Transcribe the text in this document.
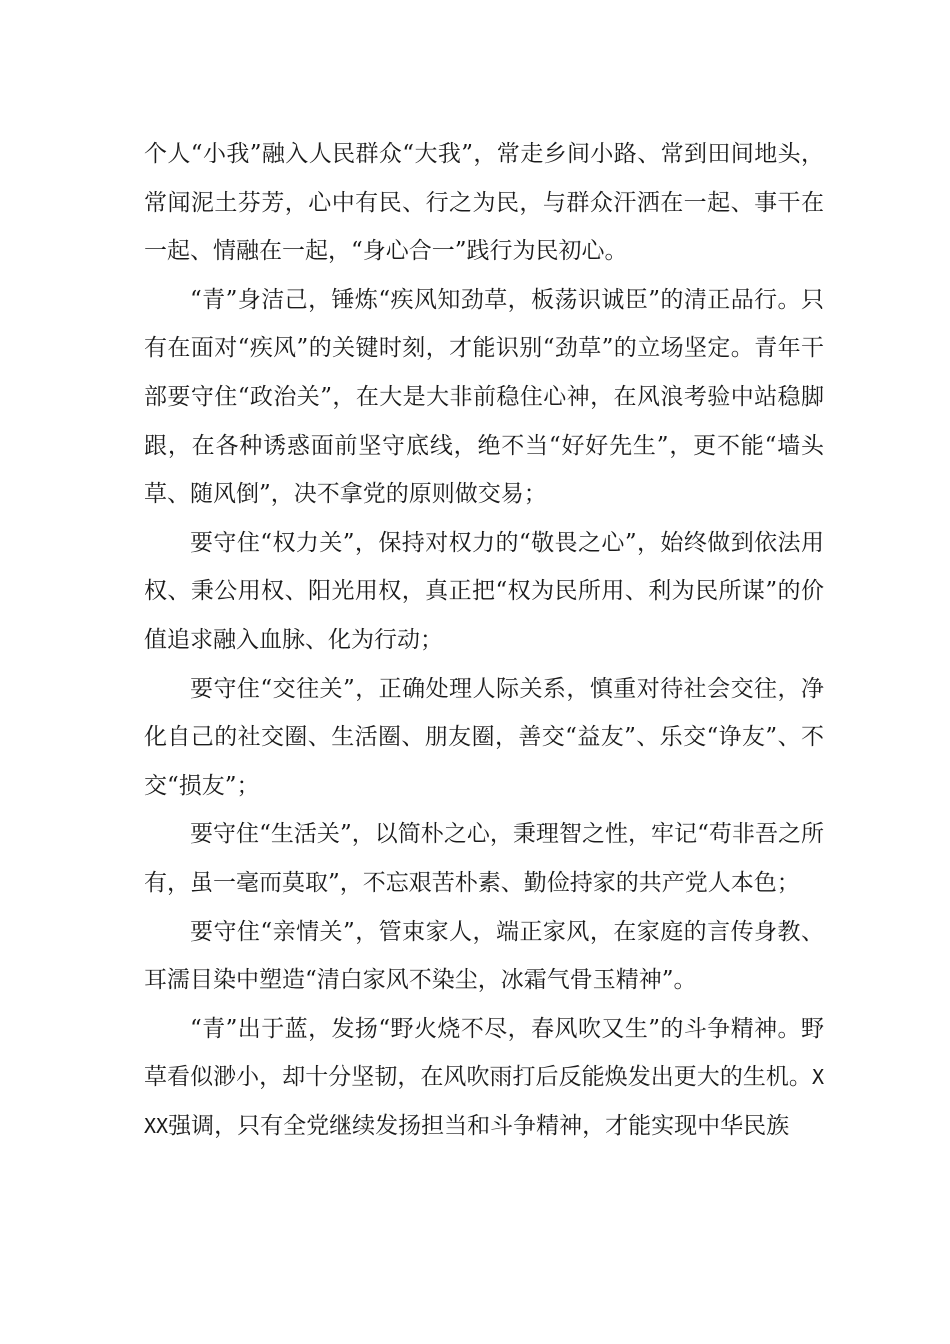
个人“小我”融入人民群众“大我”，常走乡间小路、常到田间地头，常闻泥土芬芳，心中有民、行之为民，与群众汗洒在一起、事干在一起、情融在一起，“身心合一”践行为民初心。

“青”身洁己，锤炼“疾风知劲草，板荡识诚臣”的清正品行。只有在面对“疾风”的关键时刻，才能识别“劲草”的立场坚定。青年干部要守住“政治关”，在大是大非前稳住心神，在风浪考验中站稳脚跟，在各种诱惑面前坚守底线，绝不当“好好先生”，更不能“墙头草、随风倒”，决不拿党的原则做交易；

要守住“权力关”，保持对权力的“敬畏之心”，始终做到依法用权、秉公用权、阳光用权，真正把“权为民所用、利为民所谋”的价值追求融入血脉、化为行动；

要守住“交往关”，正确处理人际关系，慎重对待社会交往，净化自己的社交圈、生活圈、朋友圈，善交“益友”、乐交“诤友”、不交“损友”；

要守住“生活关”，以简朴之心，秉理智之性，牢记“苟非吾之所有，虽一毫而莫取”，不忘艰苦朴素、勤俭持家的共产党人本色；

要守住“亲情关”，管束家人，端正家风，在家庭的言传身教、耳濡目染中塑造“清白家风不染尘，冰霜气骨玉精神”。

“青”出于蓝，发扬“野火烧不尽，春风吹又生”的斗争精神。野草看似渺小，却十分坚韧，在风吹雨打后反能焕发出更大的生机。XXX强调，只有全党继续发扬担当和斗争精神，才能实现中华民族
